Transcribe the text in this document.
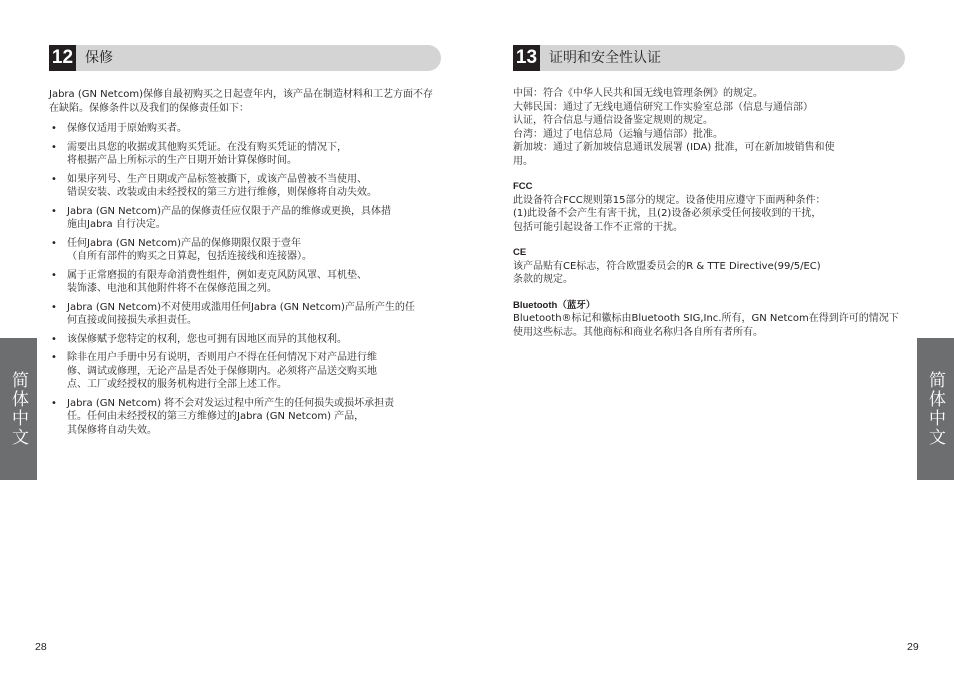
12 保修

Jabra (GN Netcom)保修自最初购买之日起壹年内，该产品在制造材料和工艺方面不存在缺陷。保修条件以及我们的保修责任如下：

• 保修仅适用于原始购买者。
• 需要出具您的收据或其他购买凭证。在没有购买凭证的情况下，
将根据产品上所标示的生产日期开始计算保修时间。
• 如果序列号、生产日期或产品标签被撕下，或该产品曾被不当使用、
错误安装、改装或由未经授权的第三方进行维修，则保修将自动失效。
• Jabra (GN Netcom)产品的保修责任应仅限于产品的维修或更换，具体措
施由Jabra 自行决定。
• 任何Jabra (GN Netcom)产品的保修期限仅限于壹年
（自所有部件的购买之日算起，包括连接线和连接器）。
• 属于正常磨损的有限寿命消费性组件，例如麦克风防风罩、耳机垫、
装饰漆、电池和其他附件将不在保修范围之列。
• Jabra (GN Netcom)不对使用或滥用任何Jabra (GN Netcom)产品所产生的任
何直接或间接损失承担责任。
• 该保修赋予您特定的权利，您也可拥有因地区而异的其他权利。
• 除非在用户手册中另有说明，否则用户不得在任何情况下对产品进行维
修、调试或修理，无论产品是否处于保修期内。必须将产品送交购买地
点、工厂或经授权的服务机构进行全部上述工作。
• Jabra (GN Netcom) 将不会对发运过程中所产生的任何损失或损坏承担责
任。任何由未经授权的第三方维修过的Jabra (GN Netcom) 产品，
其保修将自动失效。
简体中文
28
13 证明和安全性认证
中国：符合《中华人民共和国无线电管理条例》的规定。
大韩民国：通过了无线电通信研究工作实验室总部（信息与通信部）
认证，符合信息与通信设备鉴定规则的规定。
台湾：通过了电信总局（运输与通信部）批准。
新加坡：通过了新加坡信息通讯发展署 (IDA) 批准，可在新加坡销售和使
用。

FCC

此设备符合FCC规则第15部分的规定。设备使用应遵守下面两种条件：
(1)此设备不会产生有害干扰，且(2)设备必须承受任何接收到的干扰，
包括可能引起设备工作不正常的干扰。

CE

该产品贴有CE标志，符合欧盟委员会的R & TTE Directive(99/5/EC)
条款的规定。

Bluetooth（蓝牙）

Bluetooth®标记和徽标由Bluetooth SIG,Inc.所有，GN Netcom在得到许可的情况下
使用这些标志。其他商标和商业名称归各自所有者所有。
简体中文
29
